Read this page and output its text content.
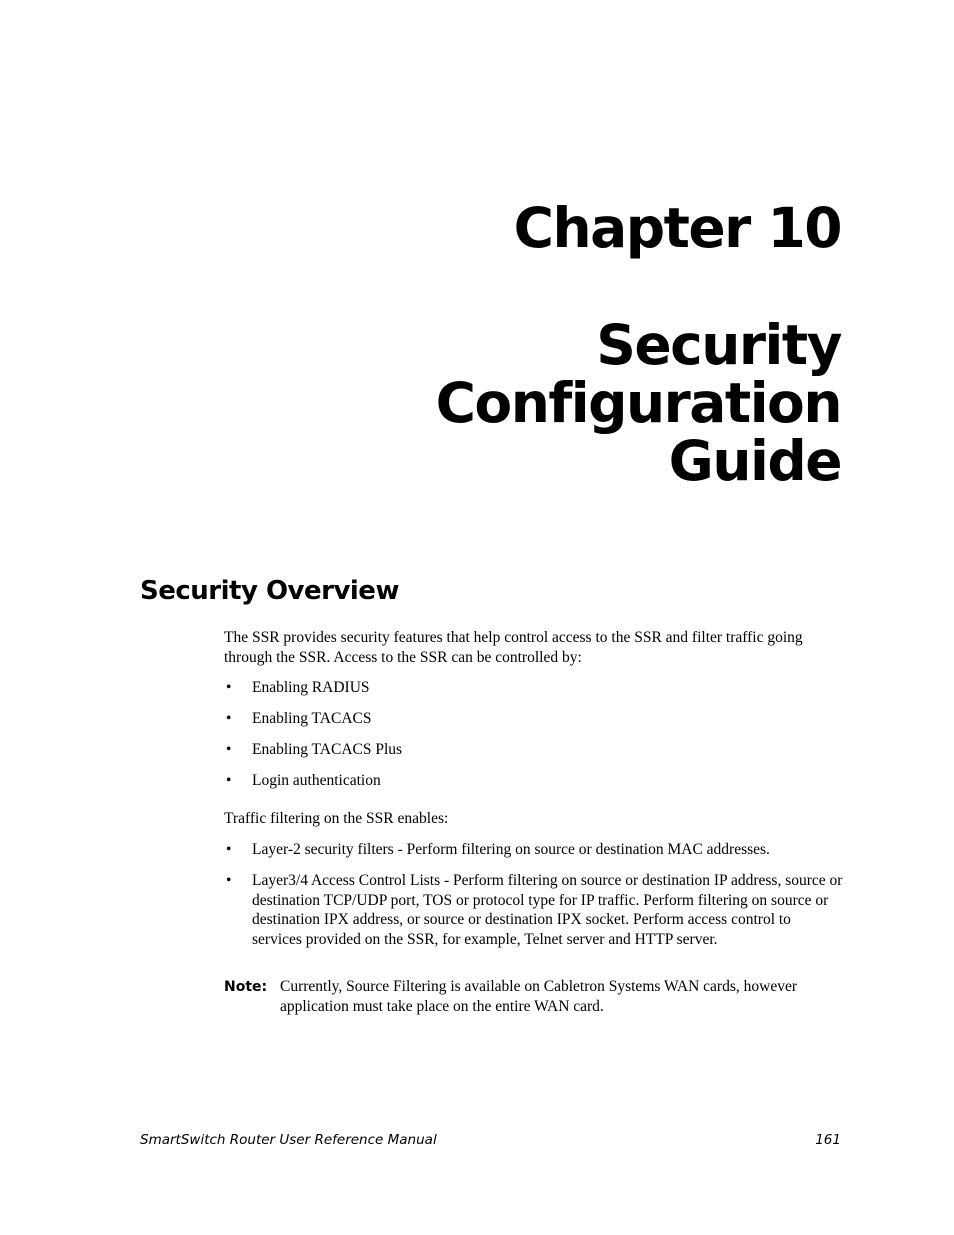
Chapter 10
Security
Configuration
Guide
Security Overview

The SSR provides security features that help control access to the SSR and filter traffic going through the SSR. Access to the SSR can be controlled by:

• Enabling RADIUS
• Enabling TACACS
• Enabling TACACS Plus
• Login authentication

Traffic filtering on the SSR enables:

• Layer-2 security filters - Perform filtering on source or destination MAC addresses.
• Layer3/4 Access Control Lists - Perform filtering on source or destination IP address, source or destination TCP/UDP port, TOS or protocol type for IP traffic. Perform filtering on source or destination IPX address, or source or destination IPX socket. Perform access control to services provided on the SSR, for example, Telnet server and HTTP server.
Note: Currently, Source Filtering is available on Cabletron Systems WAN cards, however application must take place on the entire WAN card.

SmartSwitch Router User Reference Manual	161
